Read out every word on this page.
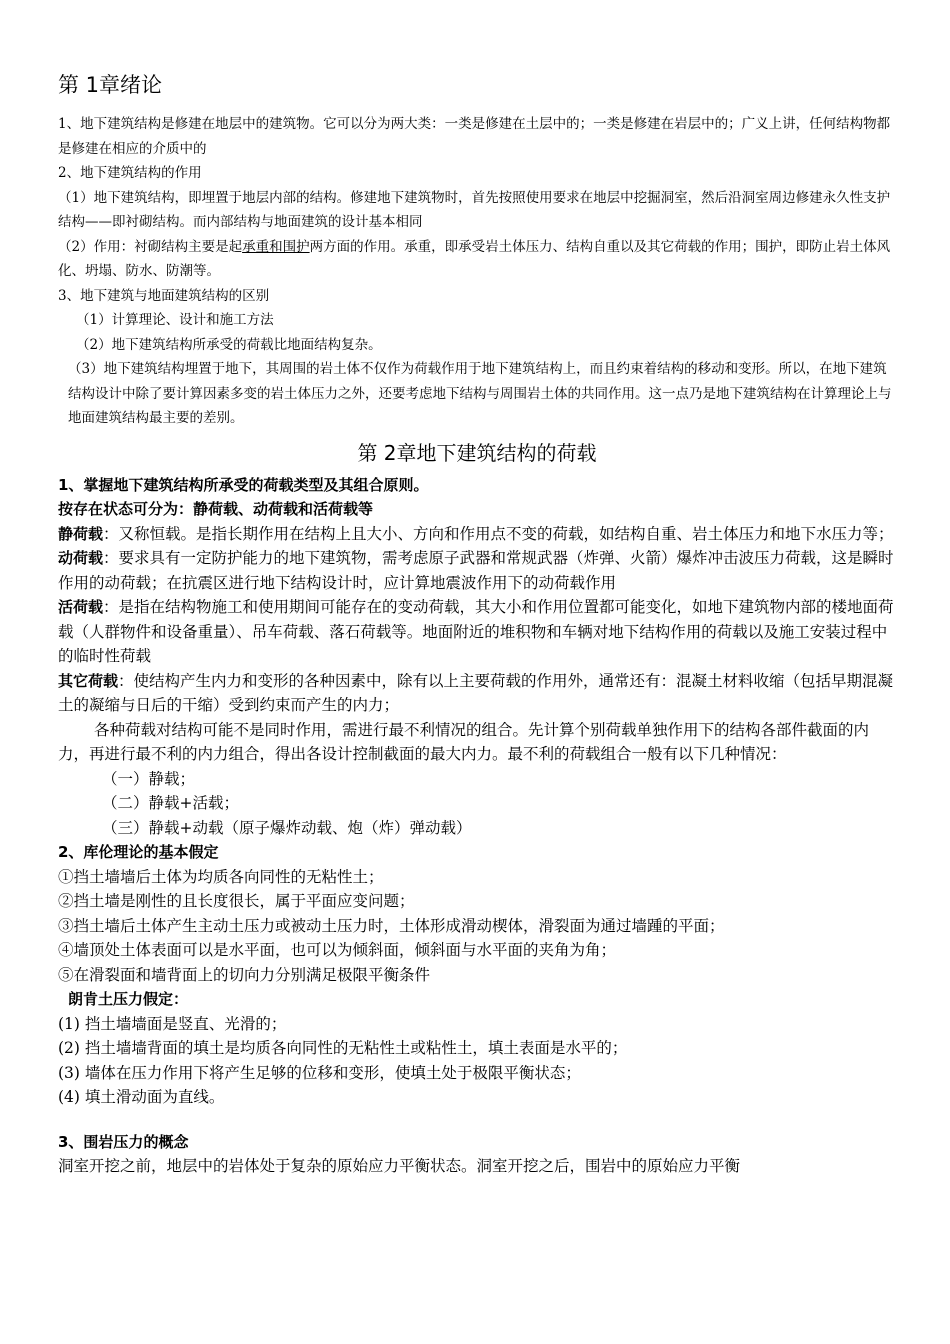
第 1章绪论

1、地下建筑结构是修建在地层中的建筑物。它可以分为两大类：一类是修建在土层中的；一类是修建在岩层中的；广义上讲，任何结构物都是修建在相应的介质中的

2、地下建筑结构的作用

（1）地下建筑结构，即埋置于地层内部的结构。修建地下建筑物时，首先按照使用要求在地层中挖掘洞室，然后沿洞室周边修建永久性支护结构——即衬砌结构。而内部结构与地面建筑的设计基本相同

（2）作用：衬砌结构主要是起承重和围护两方面的作用。承重，即承受岩土体压力、结构自重以及其它荷载的作用；围护，即防止岩土体风化、坍塌、防水、防潮等。

3、地下建筑与地面建筑结构的区别

（1）计算理论、设计和施工方法

（2）地下建筑结构所承受的荷载比地面结构复杂。

（3）地下建筑结构埋置于地下，其周围的岩土体不仅作为荷载作用于地下建筑结构上，而且约束着结构的移动和变形。所以，在地下建筑结构设计中除了要计算因素多变的岩土体压力之外，还要考虑地下结构与周围岩土体的共同作用。这一点乃是地下建筑结构在计算理论上与地面建筑结构最主要的差别。

第 2章地下建筑结构的荷载

1、掌握地下建筑结构所承受的荷载类型及其组合原则。

按存在状态可分为：静荷载、动荷载和活荷载等

静荷载：又称恒载。是指长期作用在结构上且大小、方向和作用点不变的荷载，如结构自重、岩土体压力和地下水压力等；

动荷载：要求具有一定防护能力的地下建筑物，需考虑原子武器和常规武器（炸弹、火箭）爆炸冲击波压力荷载，这是瞬时作用的动荷载；在抗震区进行地下结构设计时，应计算地震波作用下的动荷载作用

活荷载：是指在结构物施工和使用期间可能存在的变动荷载，其大小和作用位置都可能变化，如地下建筑物内部的楼地面荷载（人群物件和设备重量）、吊车荷载、落石荷载等。地面附近的堆积物和车辆对地下结构作用的荷载以及施工安装过程中的临时性荷载

其它荷载：使结构产生内力和变形的各种因素中，除有以上主要荷载的作用外，通常还有：混凝土材料收缩（包括早期混凝土的凝缩与日后的干缩）受到约束而产生的内力；

各种荷载对结构可能不是同时作用，需进行最不利情况的组合。先计算个别荷载单独作用下的结构各部件截面的内力，再进行最不利的内力组合，得出各设计控制截面的最大内力。最不利的荷载组合一般有以下几种情况：

（一）静载；

（二）静载+活载；

（三）静载+动载（原子爆炸动载、炮（炸）弹动载）

2、库伦理论的基本假定

①挡土墙墙后土体为均质各向同性的无粘性土；

②挡土墙是刚性的且长度很长，属于平面应变问题；

③挡土墙后土体产生主动土压力或被动土压力时，土体形成滑动楔体，滑裂面为通过墙踵的平面；

④墙顶处土体表面可以是水平面，也可以为倾斜面，倾斜面与水平面的夹角为角；

⑤在滑裂面和墙背面上的切向力分别满足极限平衡条件

朗肯土压力假定：

(1) 挡土墙墙面是竖直、光滑的；

(2) 挡土墙墙背面的填土是均质各向同性的无粘性土或粘性土，填土表面是水平的；

(3) 墙体在压力作用下将产生足够的位移和变形，使填土处于极限平衡状态；

(4) 填土滑动面为直线。

3、围岩压力的概念

洞室开挖之前，地层中的岩体处于复杂的原始应力平衡状态。洞室开挖之后，围岩中的原始应力平衡
